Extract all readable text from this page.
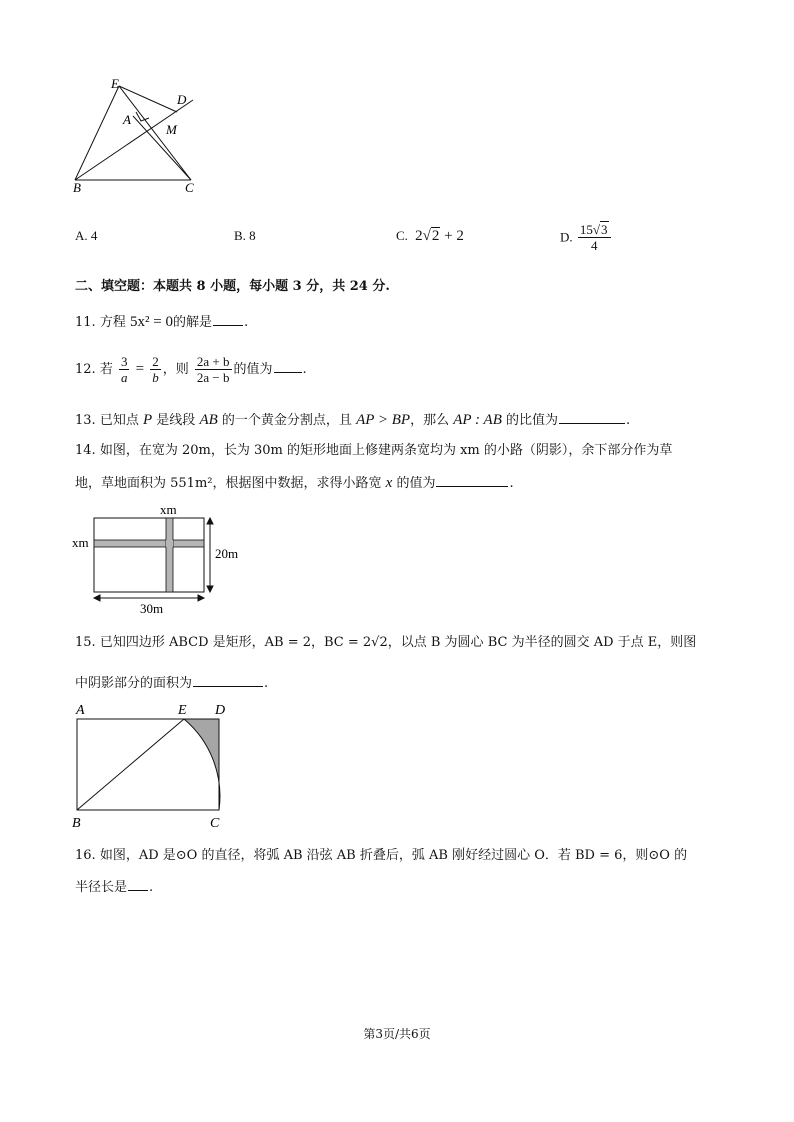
E
D
A
M
B	C
A. 4	B. 8	C. 2√2 + 2	D. $\frac{15√3}{4}$
二、填空题：本题共 8 小题，每小题 3 分，共 24 分.
11. 方程 5x² = 0的解是 .
12. 若 $\frac{3}{a} = \frac{2}{b}$ ，则 $\frac{2a + b}{2a - b}$ 的值为 .
13. 已知点 P 是线段 AB 的一个黄金分割点，且 AP > BP，那么 AP : AB 的比值为	.
14. 如图，在宽为 20m，长为 30m 的矩形地面上修建两条宽均为 xm 的小路（阴影），余下部分作为草
地，草地面积为 551m²，根据图中数据，求得小路宽 x 的值为	.
xm
xm
20m
30m
15. 已知四边形 ABCD 是矩形，AB = 2，BC = 2√2，以点 B 为圆心 BC 为半径的圆交 AD 于点 E，则图
中阴影部分的面积为	.
A	E D
B	C
16. 如图，AD 是⊙O 的直径，将弧 AB 沿弦 AB 折叠后，弧 AB 刚好经过圆心 O．若 BD = 6，则⊙O 的
半径长是 .
第3页/共6页
